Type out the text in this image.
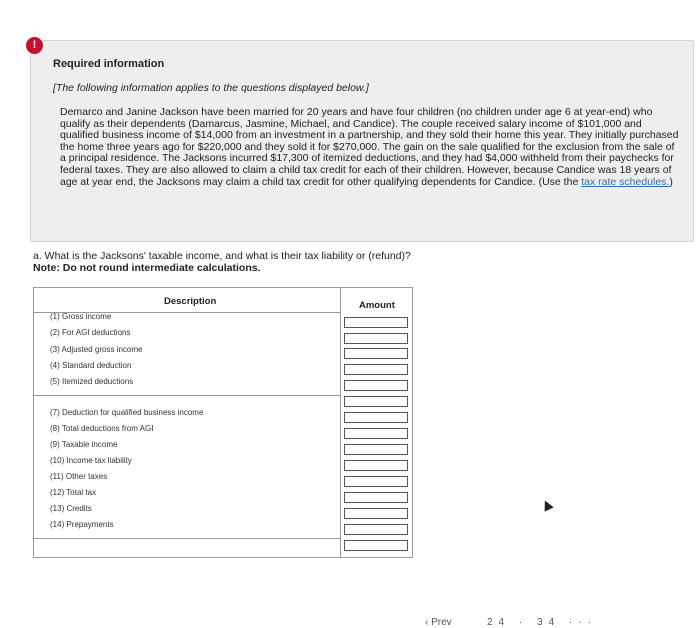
!
Required information
[The following information applies to the questions displayed below.]
Demarco and Janine Jackson have been married for 20 years and have four children (no children under age 6 at year-end) who qualify as their dependents (Damarcus, Jasmine, Michael, and Candice). The couple received salary income of $101,000 and qualified business income of $14,000 from an investment in a partnership, and they sold their home this year. They initially purchased the home three years ago for $220,000 and they sold it for $270,000. The gain on the sale qualified for the exclusion from the sale of a principal residence. The Jacksons incurred $17,300 of itemized deductions, and they had $4,000 withheld from their paychecks for federal taxes. They are also allowed to claim a child tax credit for each of their children. However, because Candice was 18 years of age at year end, the Jacksons may claim a child tax credit for other qualifying dependents for Candice. (Use the tax rate schedules.)
a. What is the Jacksons' taxable income, and what is their tax liability or (refund)?
Note: Do not round intermediate calculations.
Description	Amount
(1) Gross income
(2) For AGI deductions
(3) Adjusted gross income
(4) Standard deduction
(5) Itemized deductions
(7) Deduction for qualified business income
(8) Total deductions from AGI
(9) Taxable income
(10) Income tax liability
(11) Other taxes
(12) Total tax
(13) Credits
(14) Prepayments
‹ Prev	24 · 34 ···
